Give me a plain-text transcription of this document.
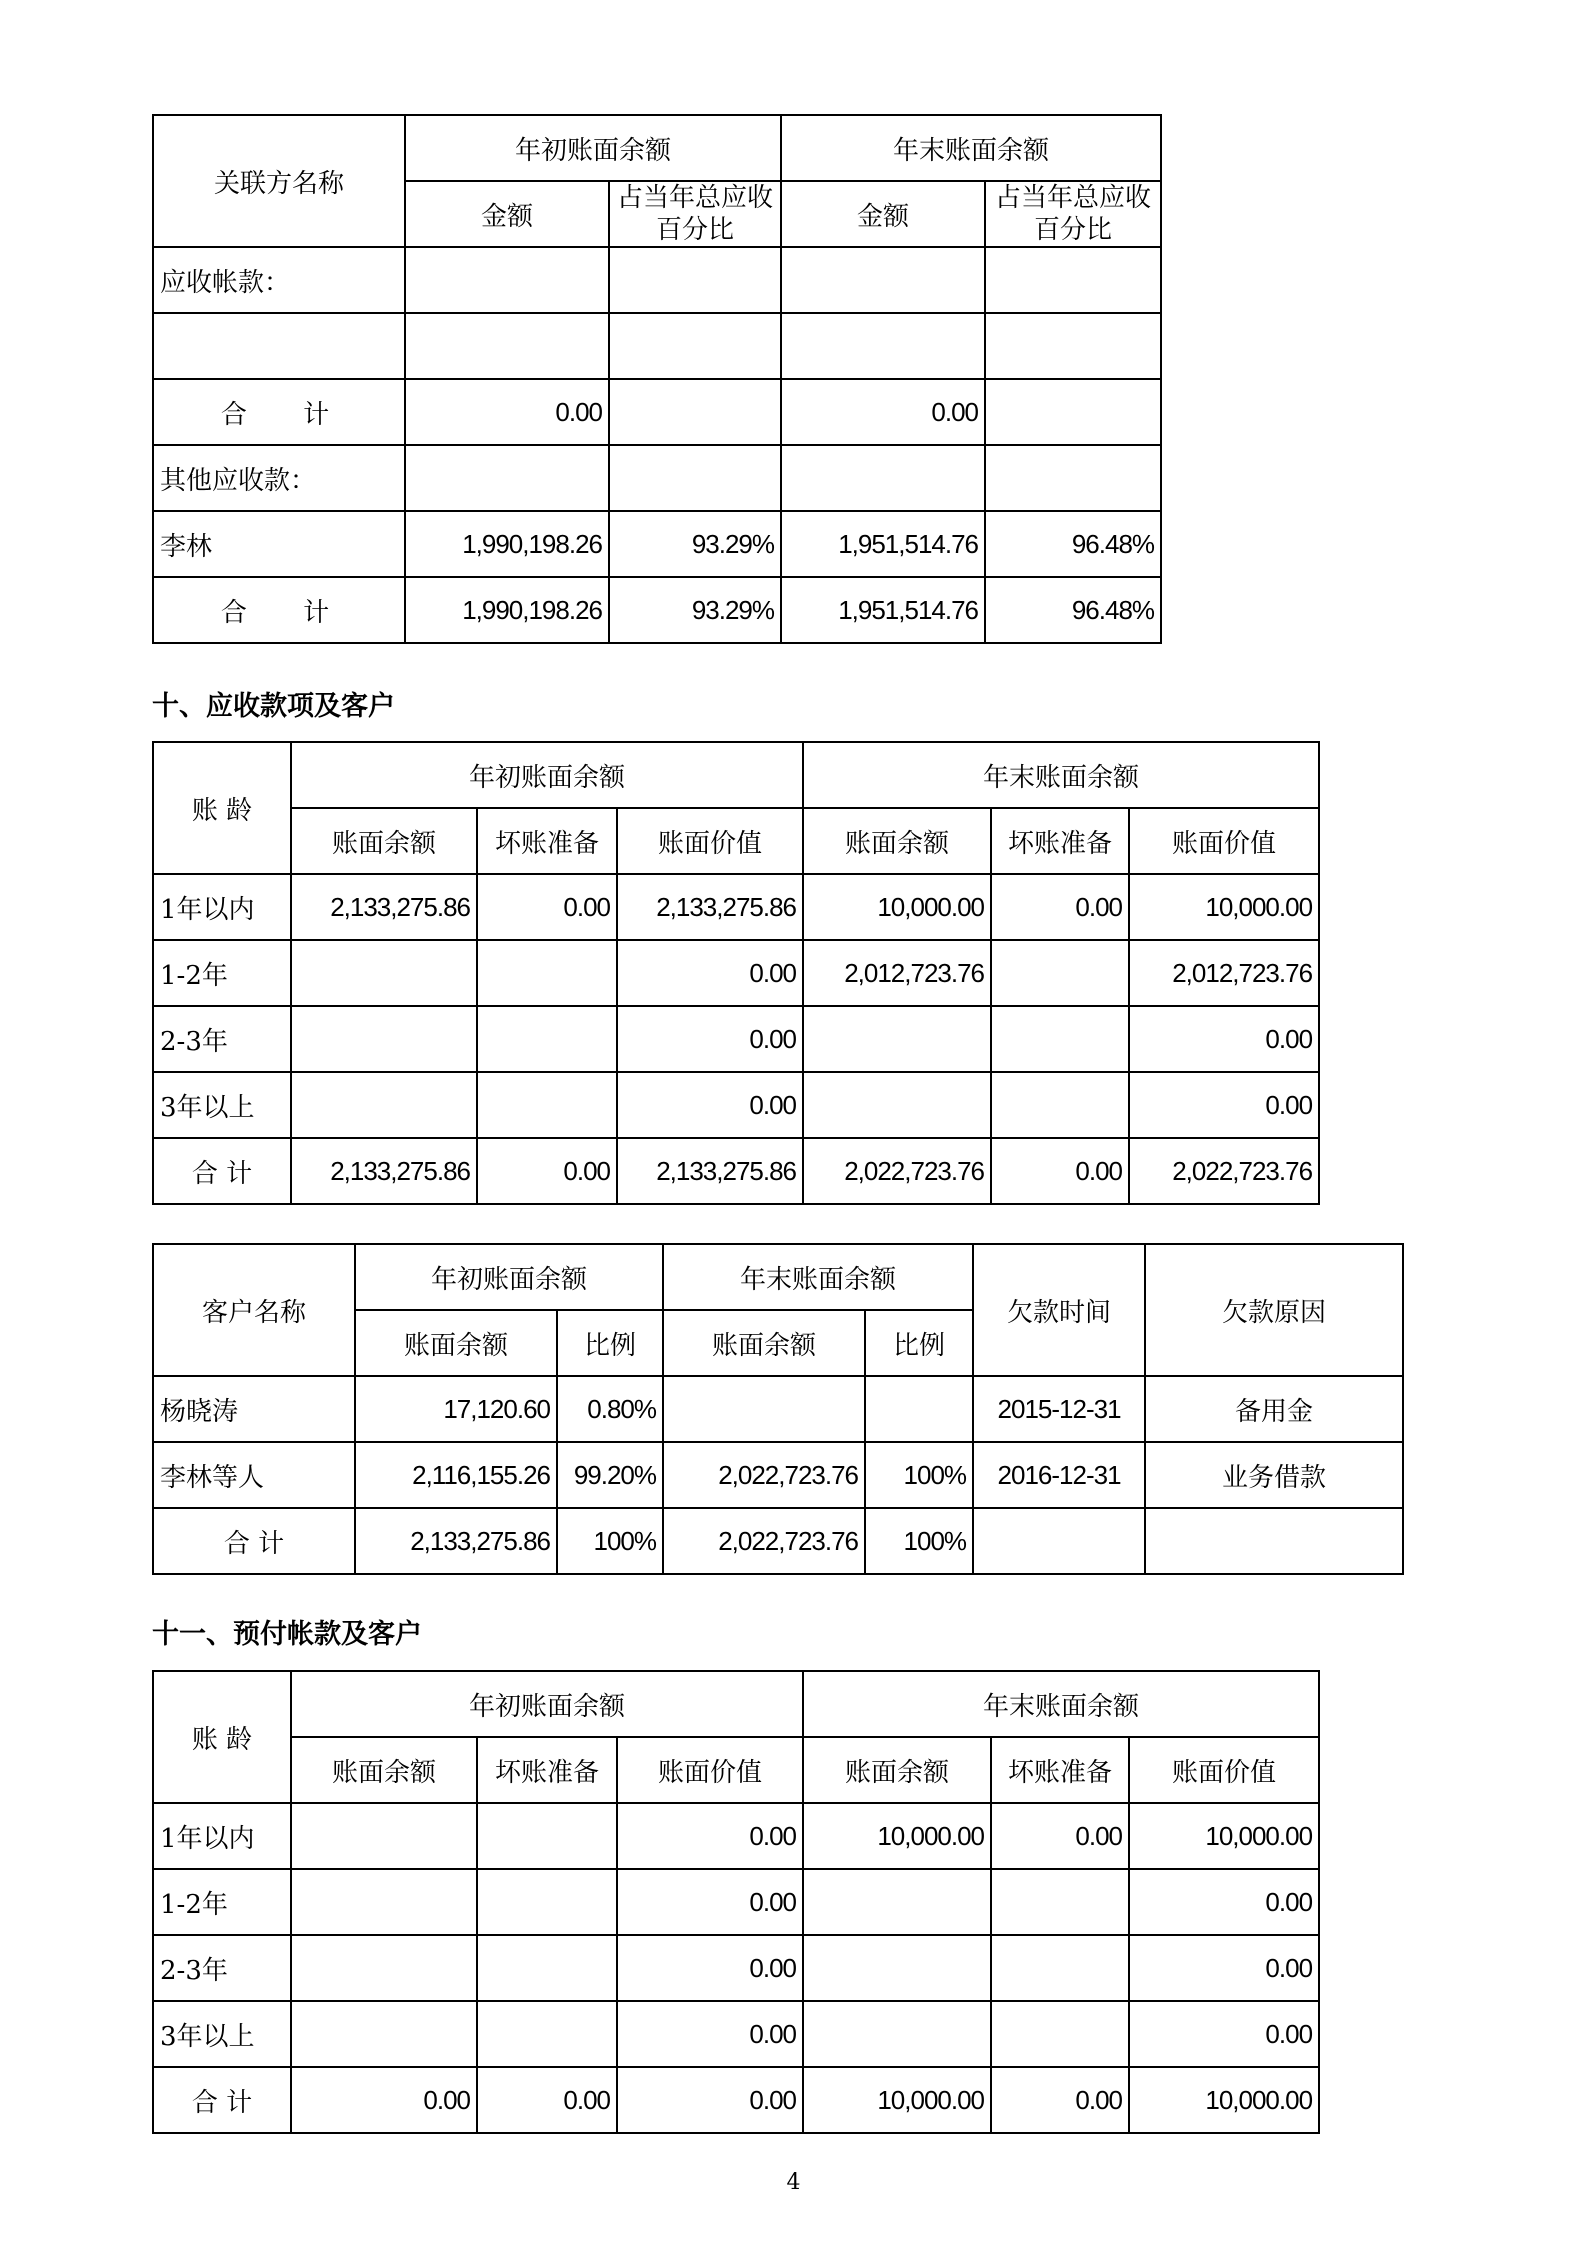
关联方名称	年初账面余额		年末账面余额	
	金额	占当年总应收百分比	金额	占当年总应收百分比
应收帐款：				

合 计	0.00		0.00	
其他应收款：				
李林	1,990,198.26	93.29%	1,951,514.76	96.48%
合 计	1,990,198.26	93.29%	1,951,514.76	96.48%
十、应收款项及客户
账 龄	年初账面余额			年末账面余额		
	账面余额	坏账准备	账面价值	账面余额	坏账准备	账面价值
1年以内	2,133,275.86	0.00	2,133,275.86	10,000.00	0.00	10,000.00
1-2年			0.00	2,012,723.76		2,012,723.76
2-3年			0.00			0.00
3年以上			0.00			0.00
合 计	2,133,275.86	0.00	2,133,275.86	2,022,723.76	0.00	2,022,723.76
客户名称	年初账面余额		年末账面余额		欠款时间	欠款原因
	账面余额	比例	账面余额	比例		
杨晓涛	17,120.60	0.80%			2015-12-31	备用金
李林等人	2,116,155.26	99.20%	2,022,723.76	100%	2016-12-31	业务借款
合 计	2,133,275.86	100%	2,022,723.76	100%		
十一、预付帐款及客户
账 龄	年初账面余额			年末账面余额		
	账面余额	坏账准备	账面价值	账面余额	坏账准备	账面价值
1年以内			0.00	10,000.00	0.00	10,000.00
1-2年			0.00			0.00
2-3年			0.00			0.00
3年以上			0.00			0.00
合 计	0.00	0.00	0.00	10,000.00	0.00	10,000.00
4
